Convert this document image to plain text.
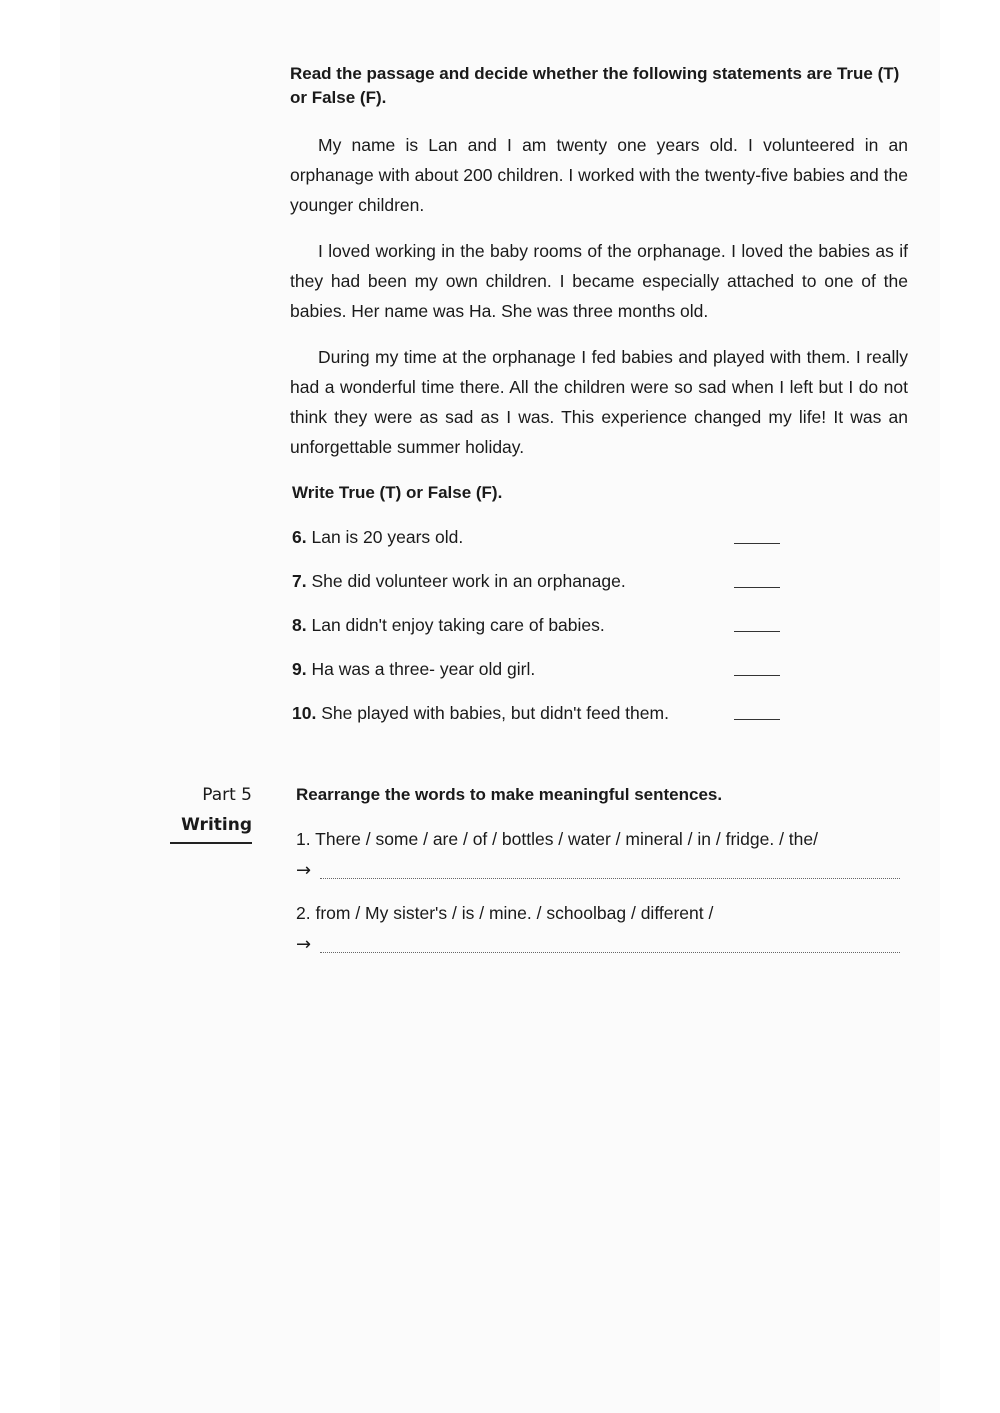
Read the passage and decide whether the following statements are True (T) or False (F).

My name is Lan and I am twenty one years old. I volunteered in an orphanage with about 200 children. I worked with the twenty-five babies and the younger children.

I loved working in the baby rooms of the orphanage. I loved the babies as if they had been my own children. I became especially attached to one of the babies. Her name was Ha. She was three months old.

During my time at the orphanage I fed babies and played with them. I really had a wonderful time there. All the children were so sad when I left but I do not think they were as sad as I was. This experience changed my life! It was an unforgettable summer holiday.

Write True (T) or False (F).
6. Lan is 20 years old.
7. She did volunteer work in an orphanage.
8. Lan didn't enjoy taking care of babies.
9. Ha was a three- year old girl.
10. She played with babies, but didn't feed them.
Part 5
Writing
Rearrange the words to make meaningful sentences.

1. There / some / are / of / bottles / water / mineral / in / fridge. / the/

→

2. from / My sister's / is / mine. / schoolbag / different /

→
